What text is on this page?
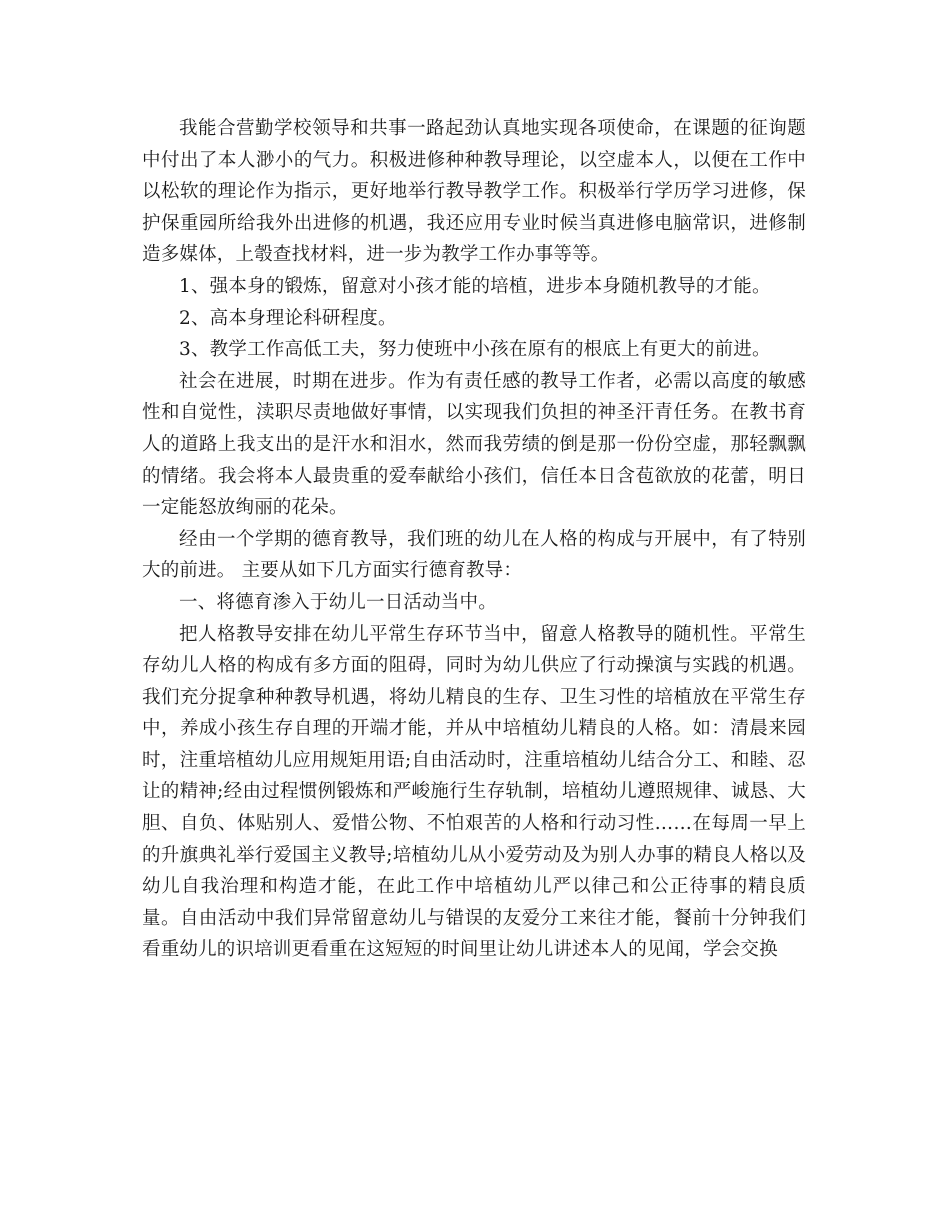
我能合营勤学校领导和共事一路起劲认真地实现各项使命，在课题的征询题中付出了本人渺小的气力。积极进修种种教导理论，以空虚本人，以便在工作中以松软的理论作为指示，更好地举行教导教学工作。积极举行学历学习进修，保护保重园所给我外出进修的机遇，我还应用专业时候当真进修电脑常识，进修制造多媒体，上彀查找材料，进一步为教学工作办事等等。

1、强本身的锻炼，留意对小孩才能的培植，进步本身随机教导的才能。

2、高本身理论科研程度。

3、教学工作高低工夫，努力使班中小孩在原有的根底上有更大的前进。

社会在进展，时期在进步。作为有责任感的教导工作者，必需以高度的敏感性和自觉性，渎职尽责地做好事情，以实现我们负担的神圣汗青任务。在教书育人的道路上我支出的是汗水和泪水，然而我劳绩的倒是那一份份空虚，那轻飘飘的情绪。我会将本人最贵重的爱奉献给小孩们，信任本日含苞欲放的花蕾，明日一定能怒放绚丽的花朵。

经由一个学期的德育教导，我们班的幼儿在人格的构成与开展中，有了特别大的前进。 主要从如下几方面实行德育教导：

一、将德育渗入于幼儿一日活动当中。

把人格教导安排在幼儿平常生存环节当中，留意人格教导的随机性。平常生存幼儿人格的构成有多方面的阻碍，同时为幼儿供应了行动操演与实践的机遇。我们充分捉拿种种教导机遇，将幼儿精良的生存、卫生习性的培植放在平常生存中，养成小孩生存自理的开端才能，并从中培植幼儿精良的人格。如：清晨来园时，注重培植幼儿应用规矩用语;自由活动时，注重培植幼儿结合分工、和睦、忍让的精神;经由过程惯例锻炼和严峻施行生存轨制，培植幼儿遵照规律、诚恳、大胆、自负、体贴别人、爱惜公物、不怕艰苦的人格和行动习性……在每周一早上的升旗典礼举行爱国主义教导;培植幼儿从小爱劳动及为别人办事的精良人格以及幼儿自我治理和构造才能，在此工作中培植幼儿严以律己和公正待事的精良质量。自由活动中我们异常留意幼儿与错误的友爱分工来往才能，餐前十分钟我们看重幼儿的识培训更看重在这短短的时间里让幼儿讲述本人的见闻，学会交换
